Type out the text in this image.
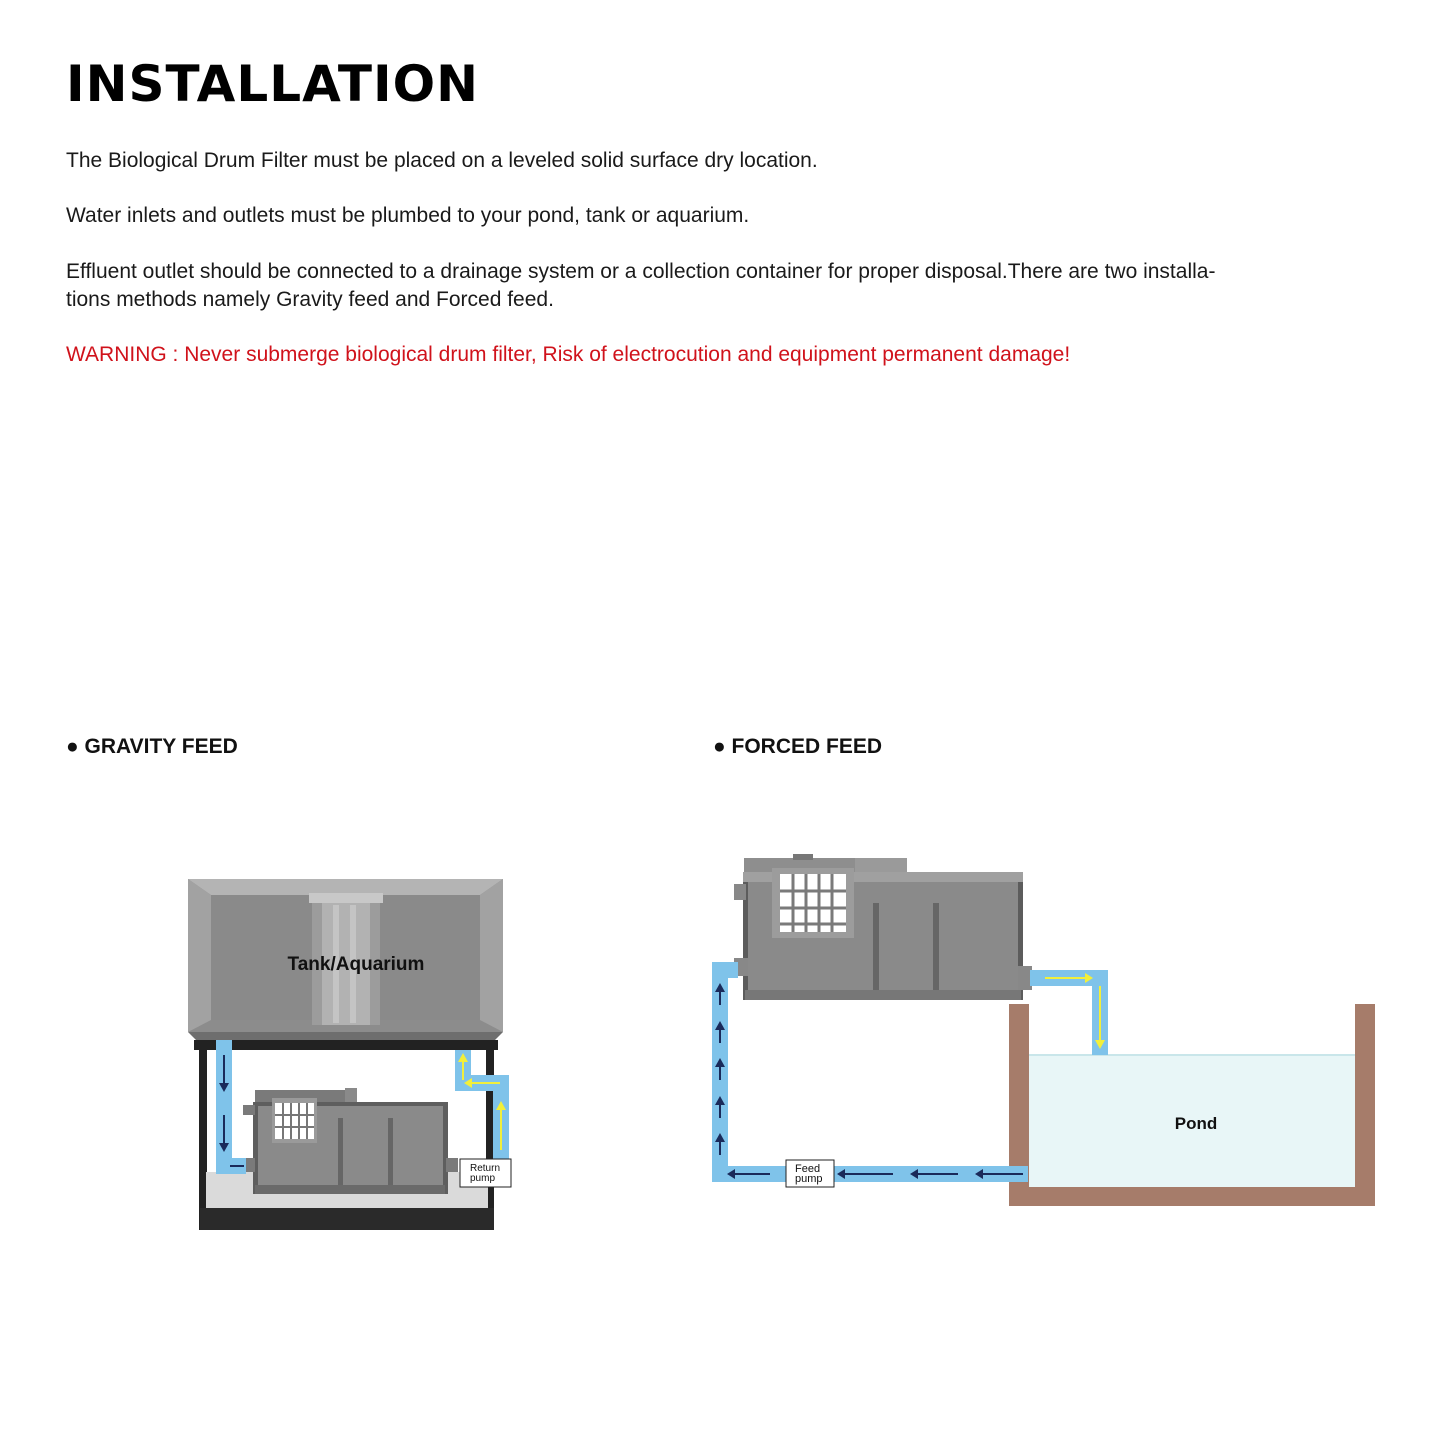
INSTALLATION

The Biological Drum Filter must be placed on a leveled solid surface dry location.

Water inlets and outlets must be plumbed to your pond, tank or aquarium.

Effluent outlet should be connected to a drainage system or a collection container for proper disposal.There are two installa-

tions methods namely Gravity feed and Forced feed.

WARNING : Never submerge biological drum filter, Risk of electrocution and equipment permanent damage!

● GRAVITY FEED	● FORCED FEED
Tank/Aquarium
Return
pump
Pond
Feed
pump
